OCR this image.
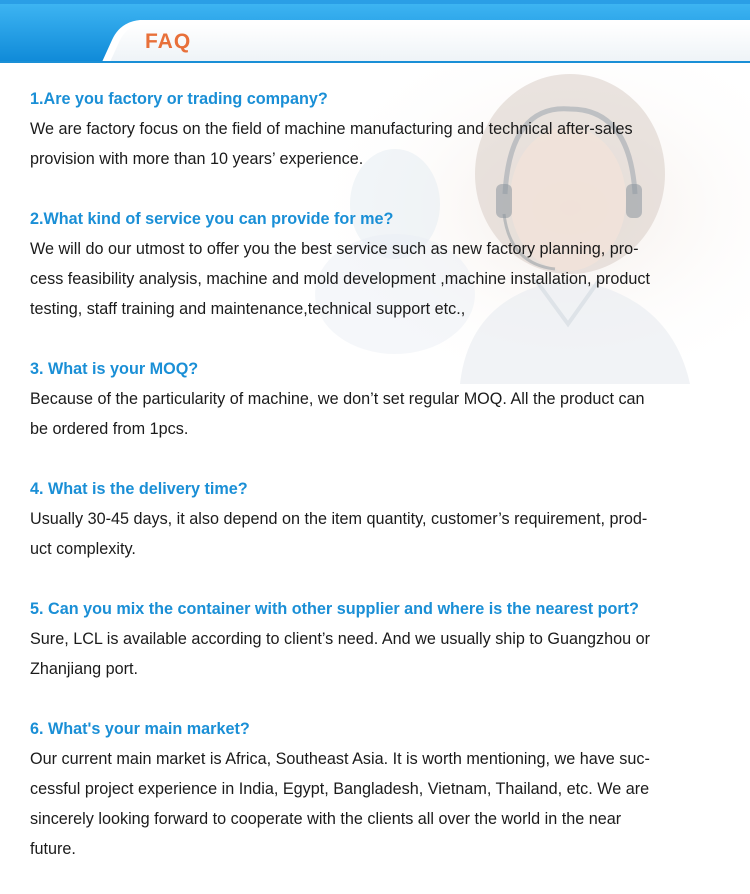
FAQ

1.Are you factory or trading company?

We are factory focus on the field of machine manufacturing and technical after-sales
provision with more than 10 years’ experience.

2.What kind of service you can provide for me?

We will do our utmost to offer you the best service such as new factory planning, pro-
cess feasibility analysis, machine and mold development ,machine installation, product
testing, staff training and maintenance,technical support etc.,

3. What is your MOQ?

Because of the particularity of machine, we don’t set regular MOQ. All the product can
be ordered from 1pcs.

4. What is the delivery time?

Usually 30-45 days, it also depend on the item quantity, customer’s requirement, prod-
uct complexity.

5. Can you mix the container with other supplier and where is the nearest port?

Sure, LCL is available according to client’s need. And we usually ship to Guangzhou or
Zhanjiang port.

6. What's your main market?

Our current main market is Africa, Southeast Asia. It is worth mentioning, we have suc-
cessful project experience in India, Egypt, Bangladesh, Vietnam, Thailand, etc. We are
sincerely looking forward to cooperate with the clients all over the world in the near
future.
